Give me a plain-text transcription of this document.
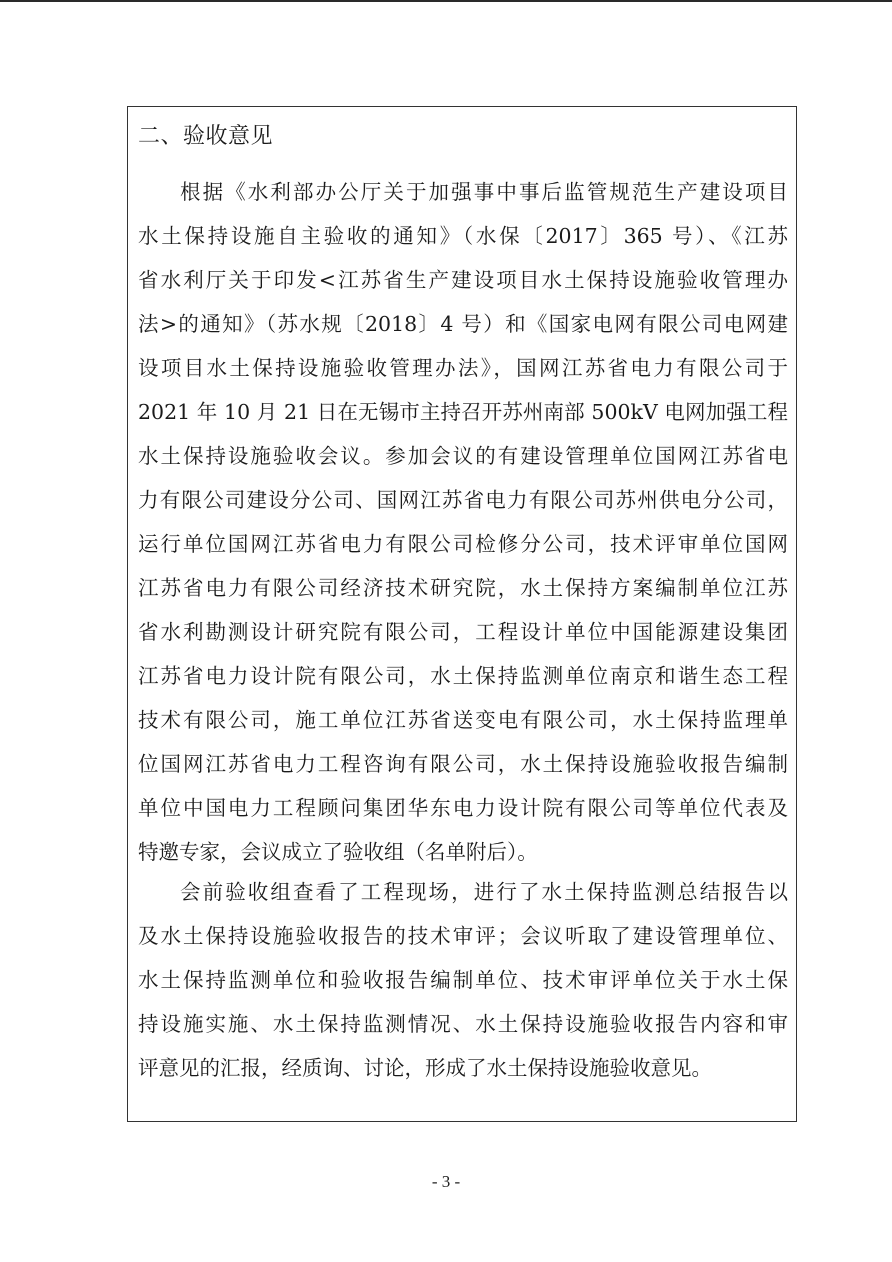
二、验收意见
根据《水利部办公厅关于加强事中事后监管规范生产建设项目
水土保持设施自主验收的通知》（水保〔2017〕365 号）、《江苏
省水利厅关于印发<江苏省生产建设项目水土保持设施验收管理办
法>的通知》（苏水规〔2018〕4 号）和《国家电网有限公司电网建
设项目水土保持设施验收管理办法》，国网江苏省电力有限公司于
2021 年 10 月 21 日在无锡市主持召开苏州南部 500kV 电网加强工程
水土保持设施验收会议。参加会议的有建设管理单位国网江苏省电
力有限公司建设分公司、国网江苏省电力有限公司苏州供电分公司，
运行单位国网江苏省电力有限公司检修分公司，技术评审单位国网
江苏省电力有限公司经济技术研究院，水土保持方案编制单位江苏
省水利勘测设计研究院有限公司，工程设计单位中国能源建设集团
江苏省电力设计院有限公司，水土保持监测单位南京和谐生态工程
技术有限公司，施工单位江苏省送变电有限公司，水土保持监理单
位国网江苏省电力工程咨询有限公司，水土保持设施验收报告编制
单位中国电力工程顾问集团华东电力设计院有限公司等单位代表及
特邀专家，会议成立了验收组（名单附后）。
会前验收组查看了工程现场，进行了水土保持监测总结报告以
及水土保持设施验收报告的技术审评；会议听取了建设管理单位、
水土保持监测单位和验收报告编制单位、技术审评单位关于水土保
持设施实施、水土保持监测情况、水土保持设施验收报告内容和审
评意见的汇报，经质询、讨论，形成了水土保持设施验收意见。
- 3 -
